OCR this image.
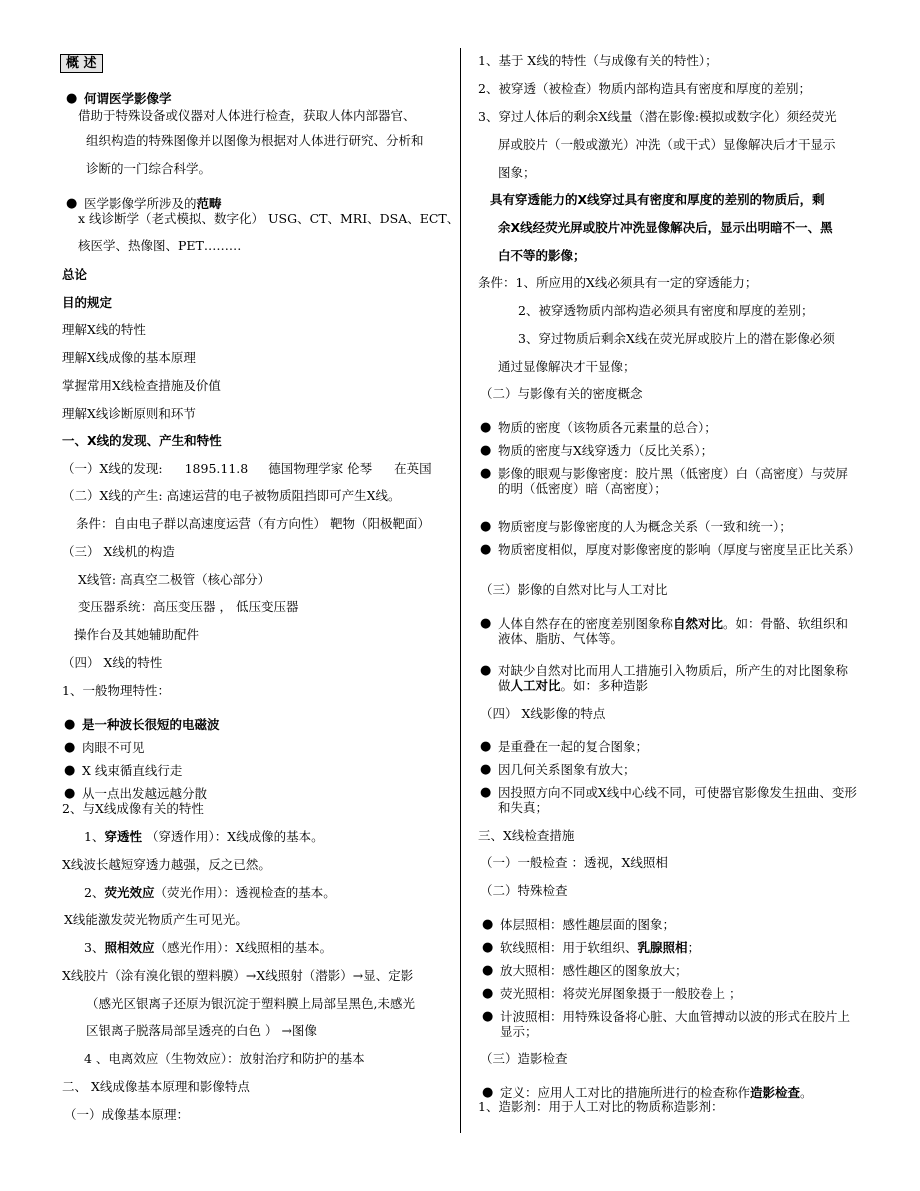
概 述
● 何谓医学影像学
借助于特殊设备或仪器对人体进行检查，获取人体内部器官、
组织构造的特殊图像并以图像为根据对人体进行研究、分析和
诊断的一门综合科学。
● 医学影像学所涉及的范畴
x 线诊断学（老式模拟、数字化） USG、CT、MRI、DSA、ECT、
核医学、热像图、PET………
总论
目的规定
理解X线的特性
理解X线成像的基本原理
掌握常用X线检查措施及价值
理解X线诊断原则和环节
一、X线的发现、产生和特性
（一）X线的发现: 1895.11.8 德国物理学家 伦琴 在英国
（二）X线的产生: 高速运营的电子被物质阻挡即可产生X线。
条件：自由电子群以高速度运营（有方向性） 靶物（阳极靶面）
（三） X线机的构造
X线管: 高真空二极管（核心部分）
变压器系统：高压变压器 ， 低压变压器
操作台及其她辅助配件
（四） X线的特性
1、一般物理特性：
● 是一种波长很短的电磁波
● 肉眼不可见
● X 线束循直线行走
● 从一点出发越远越分散
2、与X线成像有关的特性
1、穿透性 （穿透作用）：X线成像的基本。
X线波长越短穿透力越强，反之已然。
2、荧光效应（荧光作用）：透视检查的基本。
X线能激发荧光物质产生可见光。
3、照相效应（感光作用）：X线照相的基本。
X线胶片（涂有溴化银的塑料膜）→X线照射（潜影）→显、定影
（感光区银离子还原为银沉淀于塑料膜上局部呈黑色,未感光
区银离子脱落局部呈透亮的白色 ） →图像
4 、电离效应（生物效应）：放射治疗和防护的基本
二、 X线成像基本原理和影像特点
（一）成像基本原理：
1、基于 X线的特性（与成像有关的特性）；
2、被穿透（被检查）物质内部构造具有密度和厚度的差别；
3、穿过人体后的剩余X线量（潜在影像:模拟或数字化）须经荧光
屏或胶片（一般或激光）冲洗（或干式）显像解决后才干显示
图象；
具有穿透能力的X线穿过具有密度和厚度的差别的物质后，剩
余X线经荧光屏或胶片冲洗显像解决后，显示出明暗不一、黑
白不等的影像；
条件：1、所应用的X线必须具有一定的穿透能力；
2、被穿透物质内部构造必须具有密度和厚度的差别；
3、穿过物质后剩余X线在荧光屏或胶片上的潜在影像必须
通过显像解决才干显像；
（二）与影像有关的密度概念
● 物质的密度（该物质各元素量的总合）；
● 物质的密度与X线穿透力（反比关系）；
● 影像的眼观与影像密度：胶片黑（低密度）白（高密度）与荧屏的明（低密度）暗（高密度）；
● 物质密度与影像密度的人为概念关系（一致和统一）；
● 物质密度相似，厚度对影像密度的影响（厚度与密度呈正比关系）
（三）影像的自然对比与人工对比
● 人体自然存在的密度差别图象称自然对比。如：骨骼、软组织和液体、脂肪、气体等。
● 对缺少自然对比而用人工措施引入物质后，所产生的对比图象称做人工对比。如：多种造影
（四） X线影像的特点
● 是重叠在一起的复合图象；
● 因几何关系图象有放大；
● 因投照方向不同或X线中心线不同，可使器官影像发生扭曲、变形和失真；
三、X线检查措施
（一）一般检查 ：透视，X线照相
（二）特殊检查
● 体层照相：感性趣层面的图象；
● 软线照相：用于软组织、乳腺照相；
● 放大照相：感性趣区的图象放大；
● 荧光照相：将荧光屏图象摄于一般胶卷上 ；
● 计波照相：用特殊设备将心脏、大血管搏动以波的形式在胶片上显示；
（三）造影检查
● 定义：应用人工对比的措施所进行的检查称作造影检查。
1、造影剂：用于人工对比的物质称造影剂：
